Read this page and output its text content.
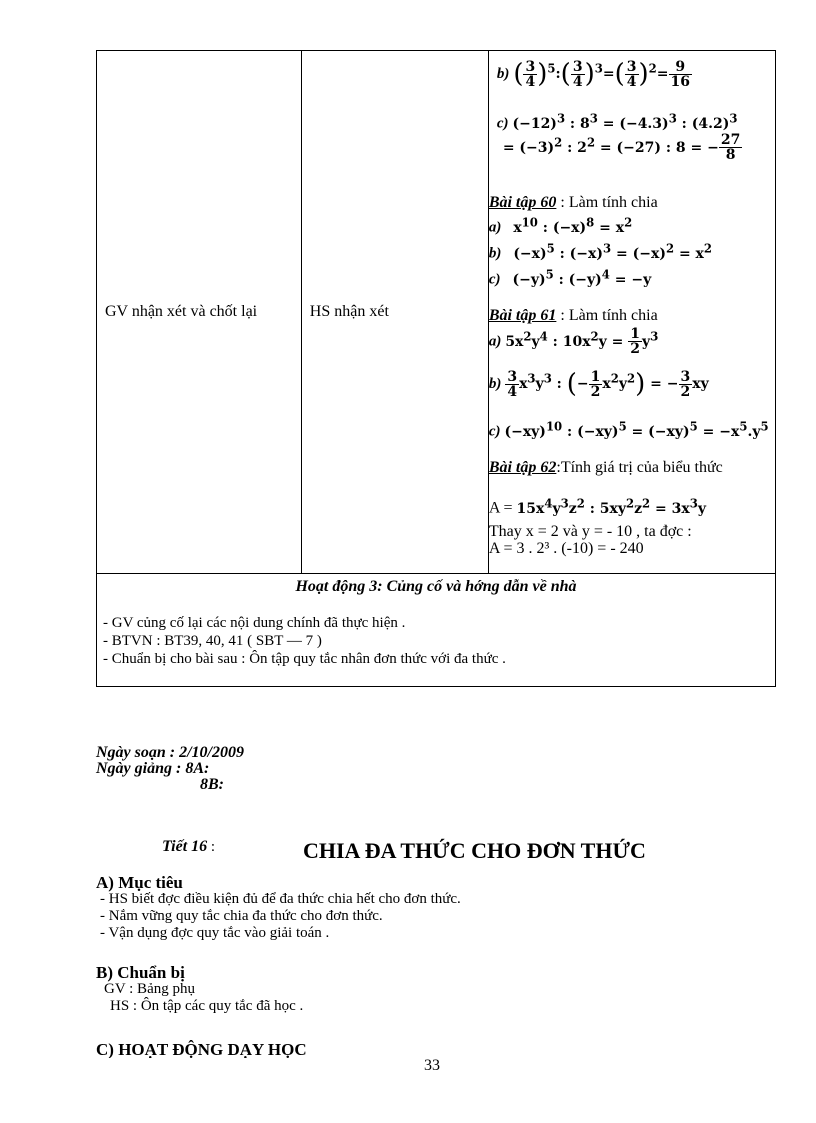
GV nhận xét và chốt lại	HS nhận xét	
b) ( $\frac{3}{4}$ )$^5$:( $\frac{3}{4} )^3=( \frac{3}{4} )^2= \frac{9}{16}$
c) $(-12)^3$ : $8^3 = (-4.3)^3$ : $(4.2)^3$
= $(-3)^2$ : $2^2 = (-27)$ : 8 = − $\frac{27}{8}$
Bài tập 60 : Làm tính chia
a) $x^{10}$ : $(-x)^8 = x^2$
b) $(-x)^5$ : $(-x)^3 = (-x)^2 = x^2$
c) $(-y)^5$ : $(-y)^4 = -y$
Bài tập 61 : Làm tính chia
a) $5x^2y^4$ : $10x^2y = \frac{1}{2} y^3$
$b) \frac{3}{4} x^3y^3$ : (− $\frac{1}{2} x^2y^2$) = − $\frac{3}{2}$ xy
c) $(-xy)^{10}$ : $(-xy)^5 = (-xy)^5 = -x^5.y^5$
Bài tập 62:Tính giá trị của biểu thức
$A = 15x^4y^3z^2$ : $5xy^2z^2 = 3x^3y$
Thay x = 2 và y = - 10 , ta đợc :
A = 3 . 2³ . (-10) = - 240

Hoạt động 3: Củng cố và hớng dẫn về nhà
- GV củng cố lại các nội dung chính đã thực hiện .
- BTVN : BT39, 40, 41 ( SBT — 7 )
- Chuẩn bị cho bài sau : Ôn tập quy tắc nhân đơn thức với đa thức .
Ngày soạn : 2/10/2009
Ngày giảng : 8A:
8B:
Tiết 16 :	CHIA ĐA THỨC CHO ĐƠN THỨC
A) Mục tiêu
- HS biết đợc điều kiện đủ để đa thức chia hết cho đơn thức.
- Nắm vững quy tắc chia đa thức cho đơn thức.
- Vận dụng đợc quy tắc vào giải toán .
B) Chuẩn bị
GV : Bảng phụ
HS : Ôn tập các quy tắc đã học .
C) HOẠT ĐỘNG DẠY HỌC
33
